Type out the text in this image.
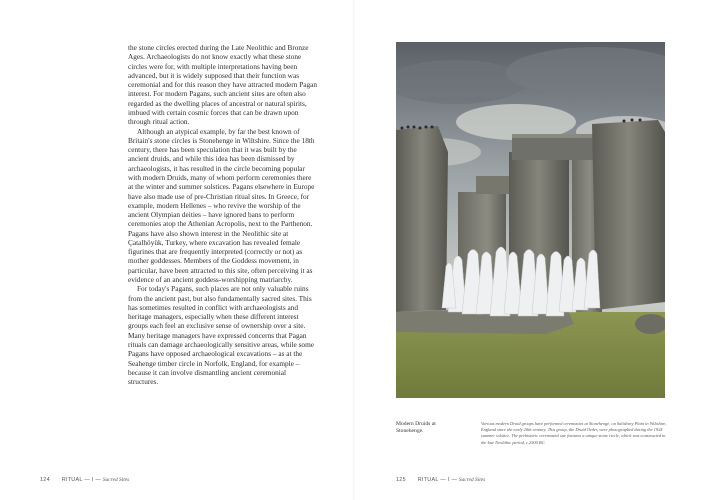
the stone circles erected during the Late Neolithic and Bronze Ages. Archaeologists do not know exactly what these stone circles were for, with multiple interpretations having been advanced, but it is widely supposed that their function was ceremonial and for this reason they have attracted modern Pagan interest. For modern Pagans, such ancient sites are often also regarded as the dwelling places of ancestral or natural spirits, imbued with certain cosmic forces that can be drawn upon through ritual action.

Although an atypical example, by far the best known of Britain's stone circles is Stonehenge in Wiltshire. Since the 18th century, there has been speculation that it was built by the ancient druids, and while this idea has been dismissed by archaeologists, it has resulted in the circle becoming popular with modern Druids, many of whom perform ceremonies there at the winter and summer solstices. Pagans elsewhere in Europe have also made use of pre-Christian ritual sites. In Greece, for example, modern Hellenes – who revive the worship of the ancient Olympian deities – have ignored bans to perform ceremonies atop the Athenian Acropolis, next to the Parthenon. Pagans have also shown interest in the Neolithic site at Çatalhöyük, Turkey, where excavation has revealed female figurines that are frequently interpreted (correctly or not) as mother goddesses. Members of the Goddess movement, in particular, have been attracted to this site, often perceiving it as evidence of an ancient goddess-worshipping matriarchy.

For today's Pagans, such places are not only valuable ruins from the ancient past, but also fundamentally sacred sites. This has sometimes resulted in conflict with archaeologists and heritage managers, especially when these different interest groups each feel an exclusive sense of ownership over a site. Many heritage managers have expressed concerns that Pagan rituals can damage archaeologically sensitive areas, while some Pagans have opposed archaeological excavations – as at the Seahenge timber circle in Norfolk, England, for example – because it can involve dismantling ancient ceremonial structures.

124 RITUAL — I — Sacred Sites
Modern Druids at Stonehenge.
Various modern Druid groups have performed ceremonies at Stonehenge, on Salisbury Plain in Wiltshire, England since the early 20th century. This group, the Druid Order, were photographed during the 1924 summer solstice. The prehistoric ceremonial site features a unique stone circle, which was constructed in the late Neolithic period, c.2500 BC.
125 RITUAL — I — Sacred Sites
